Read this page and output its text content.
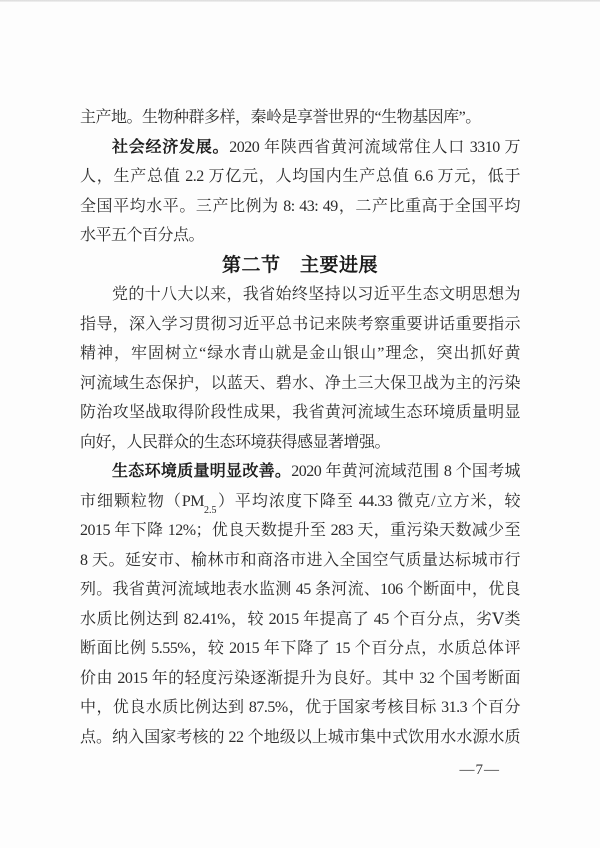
主产地。生物种群多样，秦岭是享誉世界的“生物基因库”。
社会经济发展。2020 年陕西省黄河流域常住人口 3310 万
人，生产总值 2.2 万亿元，人均国内生产总值 6.6 万元，低于
全国平均水平。三产比例为 8: 43: 49，二产比重高于全国平均
水平五个百分点。
第二节　主要进展
党的十八大以来，我省始终坚持以习近平生态文明思想为
指导，深入学习贯彻习近平总书记来陕考察重要讲话重要指示
精神，牢固树立“绿水青山就是金山银山”理念，突出抓好黄
河流域生态保护，以蓝天、碧水、净土三大保卫战为主的污染
防治攻坚战取得阶段性成果，我省黄河流域生态环境质量明显
向好，人民群众的生态环境获得感显著增强。
生态环境质量明显改善。2020 年黄河流域范围 8 个国考城
市细颗粒物$(PM_{2.5})$平均浓度下降至 44.33 微克/立方米，较
2015 年下降 12%；优良天数提升至 283 天，重污染天数减少至
8 天。延安市、榆林市和商洛市进入全国空气质量达标城市行
列。我省黄河流域地表水监测 45 条河流、106 个断面中，优良
水质比例达到 82.41%，较 2015 年提高了 45 个百分点，劣Ⅴ类
断面比例 5.55%，较 2015 年下降了 15 个百分点，水质总体评
价由 2015 年的轻度污染逐渐提升为良好。其中 32 个国考断面
中，优良水质比例达到 87.5%，优于国家考核目标 31.3 个百分
点。纳入国家考核的 22 个地级以上城市集中式饮用水水源水质
—7—
